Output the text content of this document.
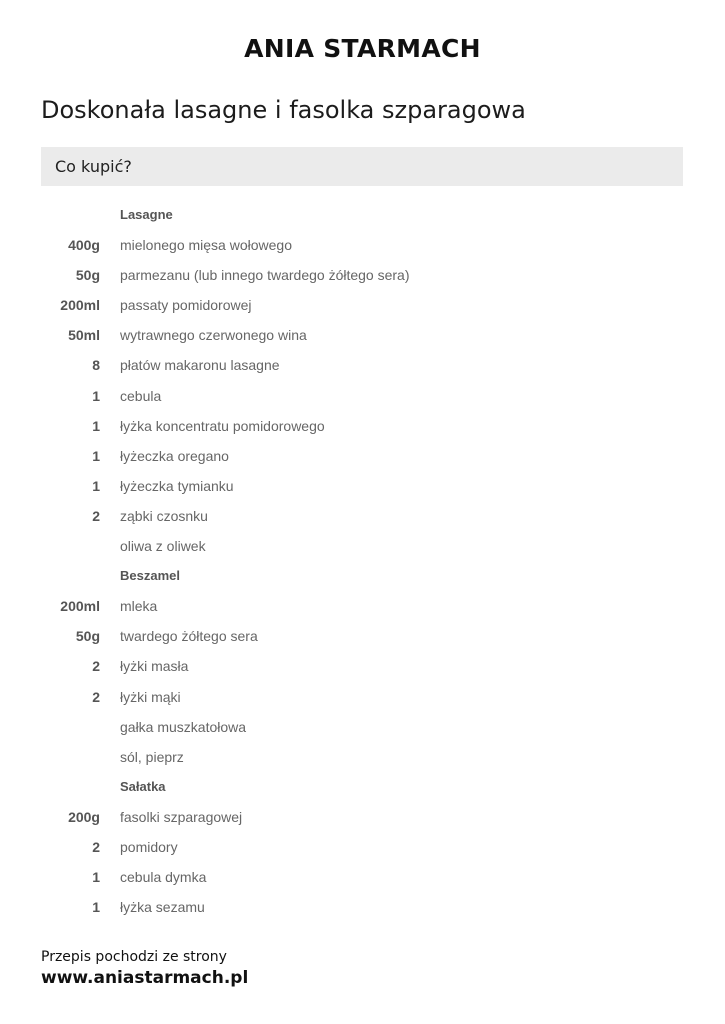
ANIA STARMACH
Doskonała lasagne i fasolka szparagowa
Co kupić?
Lasagne
400g mielonego mięsa wołowego
50g parmezanu (lub innego twardego żółtego sera)
200ml passaty pomidorowej
50ml wytrawnego czerwonego wina
8 płatów makaronu lasagne
1 cebula
1 łyżka koncentratu pomidorowego
1 łyżeczka oregano
1 łyżeczka tymianku
2 ząbki czosnku
oliwa z oliwek
Beszamel
200ml mleka
50g twardego żółtego sera
2 łyżki masła
2 łyżki mąki
gałka muszkatołowa
sól, pieprz
Sałatka
200g fasolki szparagowej
2 pomidory
1 cebula dymka
1 łyżka sezamu
Przepis pochodzi ze strony
www.aniastarmach.pl
